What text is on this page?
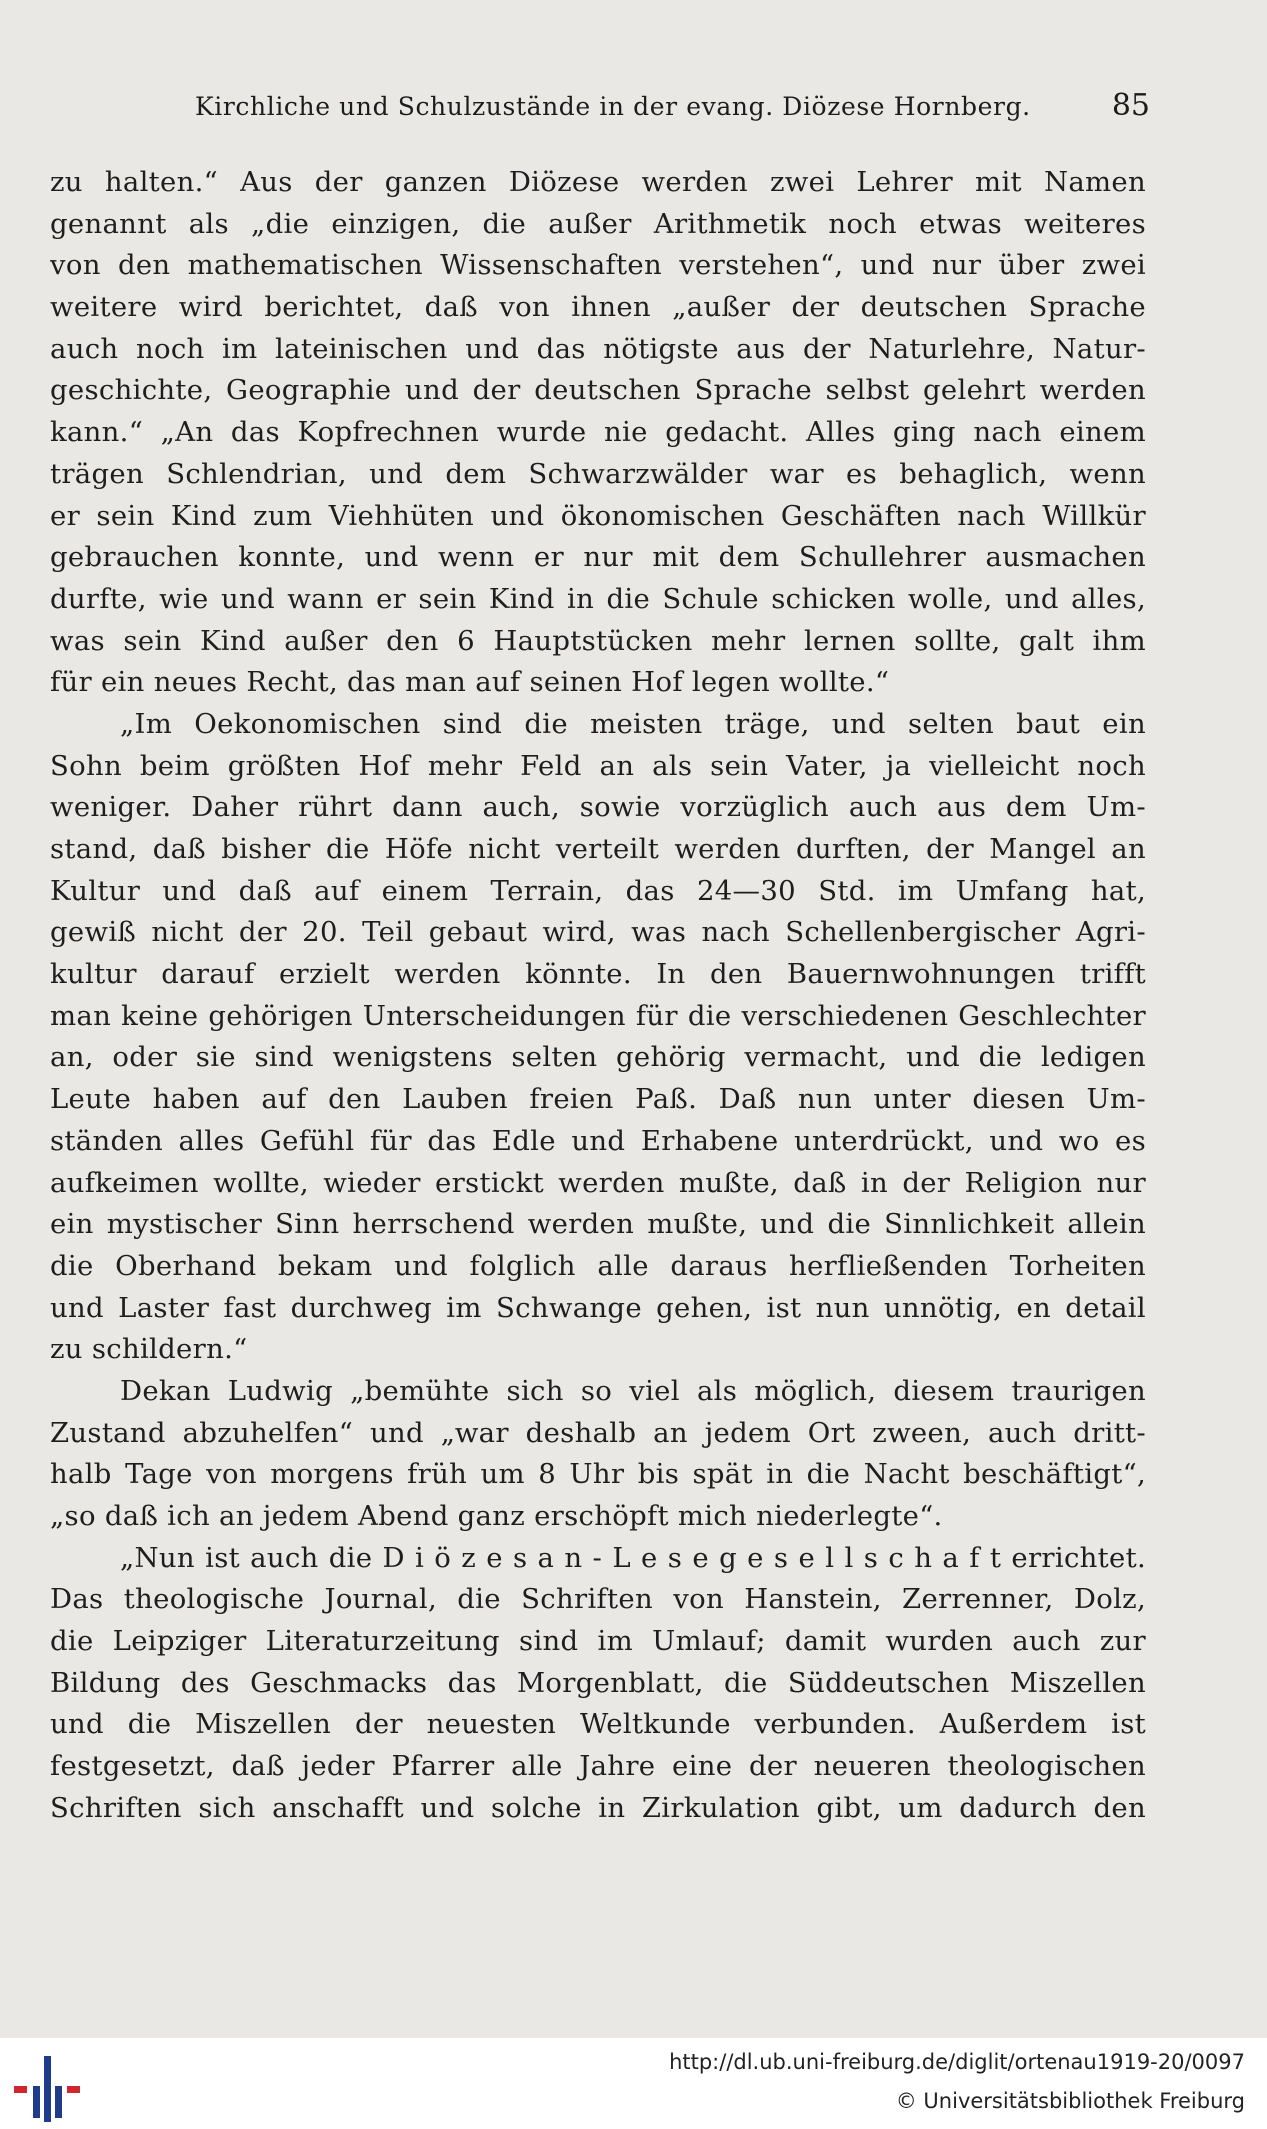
Kirchliche und Schulzustände in der evang. Diözese Hornberg.	85
zu halten.“ Aus der ganzen Diözese werden zwei Lehrer mit Namen
genannt als „die einzigen, die außer Arithmetik noch etwas weiteres
von den mathematischen Wissenschaften verstehen“, und nur über zwei
weitere wird berichtet, daß von ihnen „außer der deutschen Sprache
auch noch im lateinischen und das nötigste aus der Naturlehre, Natur-
geschichte, Geographie und der deutschen Sprache selbst gelehrt werden
kann.“ „An das Kopfrechnen wurde nie gedacht. Alles ging nach einem
trägen Schlendrian, und dem Schwarzwälder war es behaglich, wenn
er sein Kind zum Viehhüten und ökonomischen Geschäften nach Willkür
gebrauchen konnte, und wenn er nur mit dem Schullehrer ausmachen
durfte, wie und wann er sein Kind in die Schule schicken wolle, und alles,
was sein Kind außer den 6 Hauptstücken mehr lernen sollte, galt ihm
für ein neues Recht, das man auf seinen Hof legen wollte.“
„Im Oekonomischen sind die meisten träge, und selten baut ein
Sohn beim größten Hof mehr Feld an als sein Vater, ja vielleicht noch
weniger. Daher rührt dann auch, sowie vorzüglich auch aus dem Um-
stand, daß bisher die Höfe nicht verteilt werden durften, der Mangel an
Kultur und daß auf einem Terrain, das 24—30 Std. im Umfang hat,
gewiß nicht der 20. Teil gebaut wird, was nach Schellenbergischer Agri-
kultur darauf erzielt werden könnte. In den Bauernwohnungen trifft
man keine gehörigen Unterscheidungen für die verschiedenen Geschlechter
an, oder sie sind wenigstens selten gehörig vermacht, und die ledigen
Leute haben auf den Lauben freien Paß. Daß nun unter diesen Um-
ständen alles Gefühl für das Edle und Erhabene unterdrückt, und wo es
aufkeimen wollte, wieder erstickt werden mußte, daß in der Religion nur
ein mystischer Sinn herrschend werden mußte, und die Sinnlichkeit allein
die Oberhand bekam und folglich alle daraus herfließenden Torheiten
und Laster fast durchweg im Schwange gehen, ist nun unnötig, en detail
zu schildern.“
Dekan Ludwig „bemühte sich so viel als möglich, diesem traurigen
Zustand abzuhelfen“ und „war deshalb an jedem Ort zween, auch dritt-
halb Tage von morgens früh um 8 Uhr bis spät in die Nacht beschäftigt“,
„so daß ich an jedem Abend ganz erschöpft mich niederlegte“.
„Nun ist auch die D i ö z e s a n - L e s e g e s e l l s c h a f t errichtet.
Das theologische Journal, die Schriften von Hanstein, Zerrenner, Dolz,
die Leipziger Literaturzeitung sind im Umlauf; damit wurden auch zur
Bildung des Geschmacks das Morgenblatt, die Süddeutschen Miszellen
und die Miszellen der neuesten Weltkunde verbunden. Außerdem ist
festgesetzt, daß jeder Pfarrer alle Jahre eine der neueren theologischen
Schriften sich anschafft und solche in Zirkulation gibt, um dadurch den
http://dl.ub.uni-freiburg.de/diglit/ortenau1919-20/0097
© Universitätsbibliothek Freiburg
